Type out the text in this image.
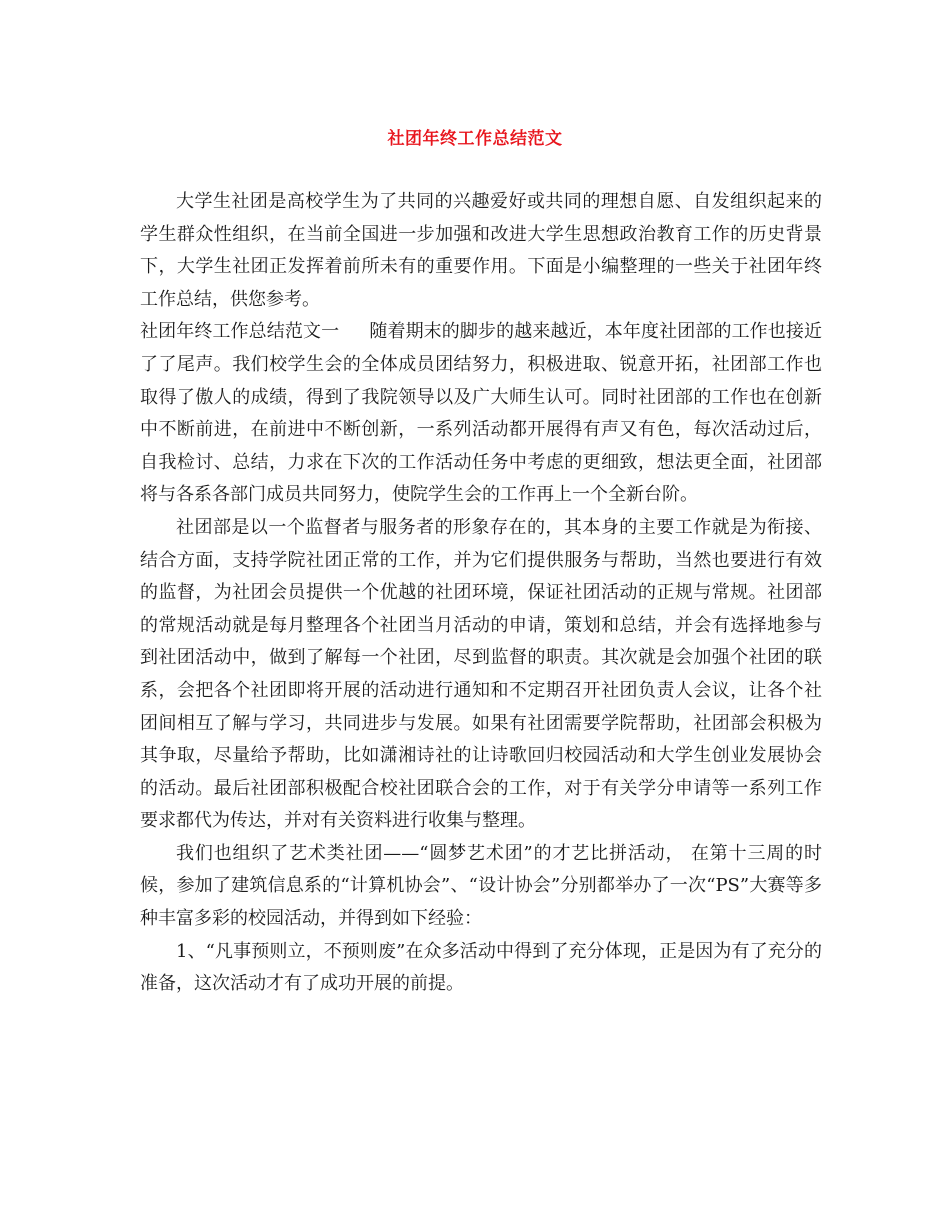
社团年终工作总结范文

大学生社团是高校学生为了共同的兴趣爱好或共同的理想自愿、自发组织起来的学生群众性组织，在当前全国进一步加强和改进大学生思想政治教育工作的历史背景下，大学生社团正发挥着前所未有的重要作用。下面是小编整理的一些关于社团年终工作总结，供您参考。

社团年终工作总结范文一 随着期末的脚步的越来越近，本年度社团部的工作也接近了了尾声。我们校学生会的全体成员团结努力，积极进取、锐意开拓，社团部工作也取得了傲人的成绩，得到了我院领导以及广大师生认可。同时社团部的工作也在创新中不断前进，在前进中不断创新，一系列活动都开展得有声又有色，每次活动过后，自我检讨、总结，力求在下次的工作活动任务中考虑的更细致，想法更全面，社团部将与各系各部门成员共同努力，使院学生会的工作再上一个全新台阶。

社团部是以一个监督者与服务者的形象存在的，其本身的主要工作就是为衔接、结合方面，支持学院社团正常的工作，并为它们提供服务与帮助，当然也要进行有效的监督，为社团会员提供一个优越的社团环境，保证社团活动的正规与常规。社团部的常规活动就是每月整理各个社团当月活动的申请，策划和总结，并会有选择地参与到社团活动中，做到了解每一个社团，尽到监督的职责。其次就是会加强个社团的联系，会把各个社团即将开展的活动进行通知和不定期召开社团负责人会议，让各个社团间相互了解与学习，共同进步与发展。如果有社团需要学院帮助，社团部会积极为其争取，尽量给予帮助，比如潇湘诗社的让诗歌回归校园活动和大学生创业发展协会的活动。最后社团部积极配合校社团联合会的工作，对于有关学分申请等一系列工作要求都代为传达，并对有关资料进行收集与整理。

我们也组织了艺术类社团——“圆梦艺术团”的才艺比拼活动， 在第十三周的时候，参加了建筑信息系的“计算机协会”、“设计协会”分别都举办了一次“PS”大赛等多种丰富多彩的校园活动，并得到如下经验：

1、“凡事预则立，不预则废”在众多活动中得到了充分体现，正是因为有了充分的准备，这次活动才有了成功开展的前提。
